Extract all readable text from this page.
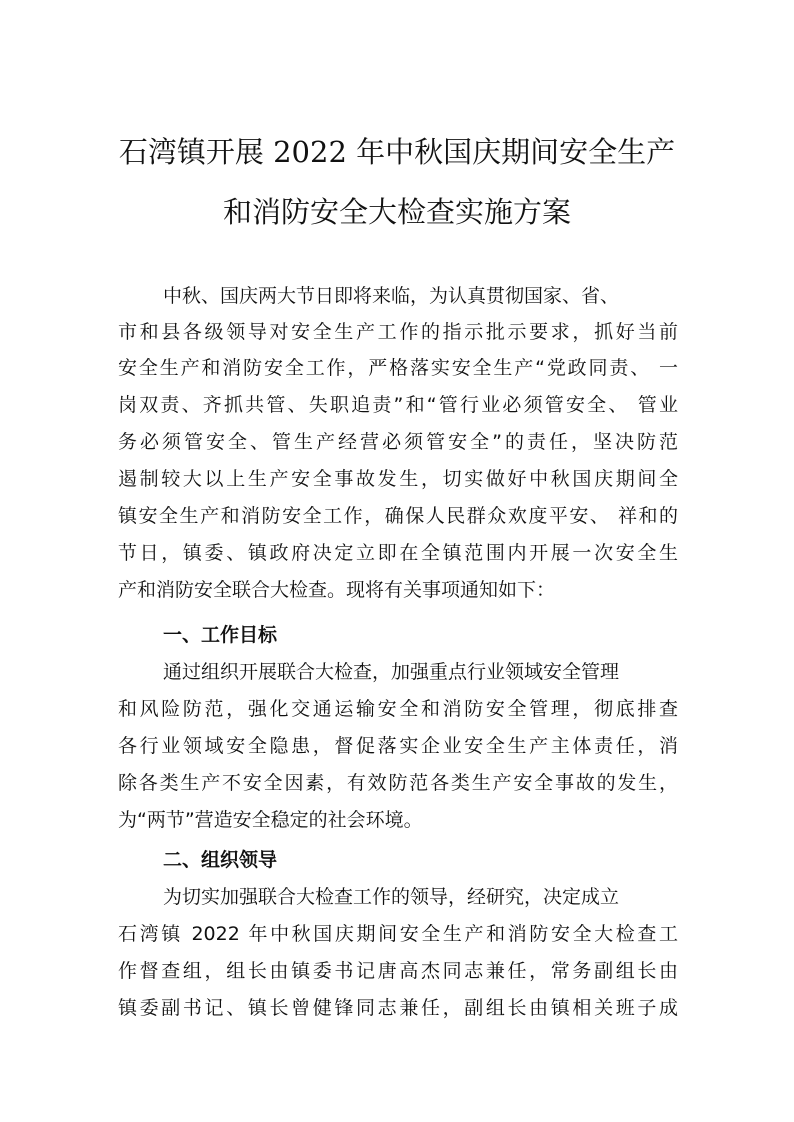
石湾镇开展 2022 年中秋国庆期间安全生产
和消防安全大检查实施方案
中秋、国庆两大节日即将来临，为认真贯彻国家、省、
市和县各级领导对安全生产工作的指示批示要求，抓好当前
安全生产和消防安全工作，严格落实安全生产“党政同责、 一
岗双责、齐抓共管、失职追责”和“管行业必须管安全、 管业
务必须管安全、管生产经营必须管安全”的责任，坚决防范
遏制较大以上生产安全事故发生，切实做好中秋国庆期间全
镇安全生产和消防安全工作，确保人民群众欢度平安、 祥和的
节日，镇委、镇政府决定立即在全镇范围内开展一次安全生
产和消防安全联合大检查。现将有关事项通知如下：
一、工作目标
通过组织开展联合大检查，加强重点行业领域安全管理
和风险防范，强化交通运输安全和消防安全管理，彻底排查
各行业领域安全隐患，督促落实企业安全生产主体责任，消
除各类生产不安全因素，有效防范各类生产安全事故的发生，
为“两节”营造安全稳定的社会环境。
二、组织领导
为切实加强联合大检查工作的领导，经研究，决定成立
石湾镇 2022 年中秋国庆期间安全生产和消防安全大检查工
作督查组，组长由镇委书记唐高杰同志兼任，常务副组长由
镇委副书记、镇长曾健锋同志兼任，副组长由镇相关班子成
